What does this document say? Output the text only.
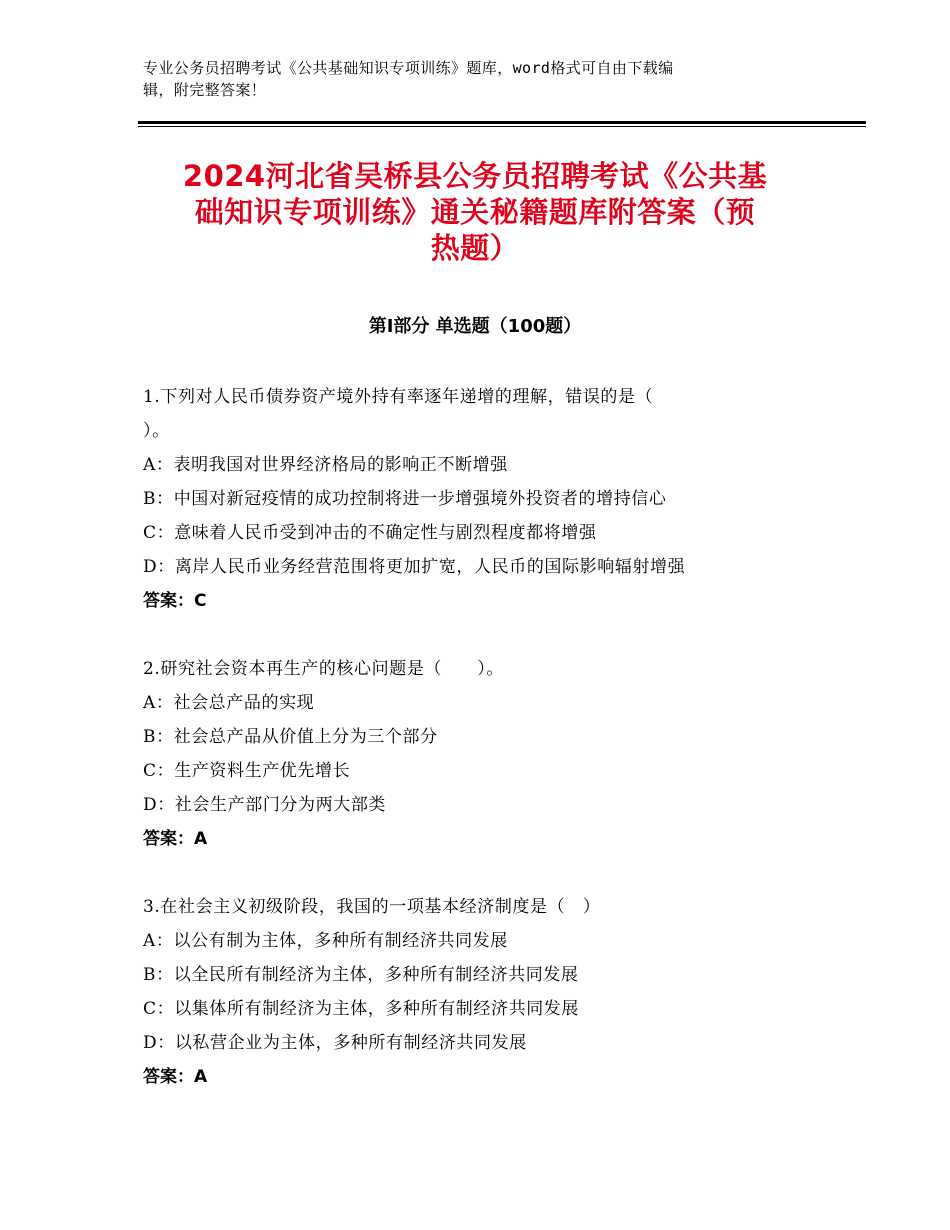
专业公务员招聘考试《公共基础知识专项训练》题库，word格式可自由下载编
辑，附完整答案！
2024河北省吴桥县公务员招聘考试《公共基
础知识专项训练》通关秘籍题库附答案（预
热题）
第I部分 单选题（100题）

1.下列对人民币债券资产境外持有率逐年递增的理解，错误的是（

）。

A：表明我国对世界经济格局的影响正不断增强

B：中国对新冠疫情的成功控制将进一步增强境外投资者的增持信心

C：意味着人民币受到冲击的不确定性与剧烈程度都将增强

D：离岸人民币业务经营范围将更加扩宽，人民币的国际影响辐射增强

答案：C

2.研究社会资本再生产的核心问题是（　　）。

A：社会总产品的实现

B：社会总产品从价值上分为三个部分

C：生产资料生产优先增长

D：社会生产部门分为两大部类

答案：A

3.在社会主义初级阶段，我国的一项基本经济制度是（　）

A：以公有制为主体，多种所有制经济共同发展

B：以全民所有制经济为主体，多种所有制经济共同发展

C：以集体所有制经济为主体，多种所有制经济共同发展

D：以私营企业为主体，多种所有制经济共同发展

答案：A
